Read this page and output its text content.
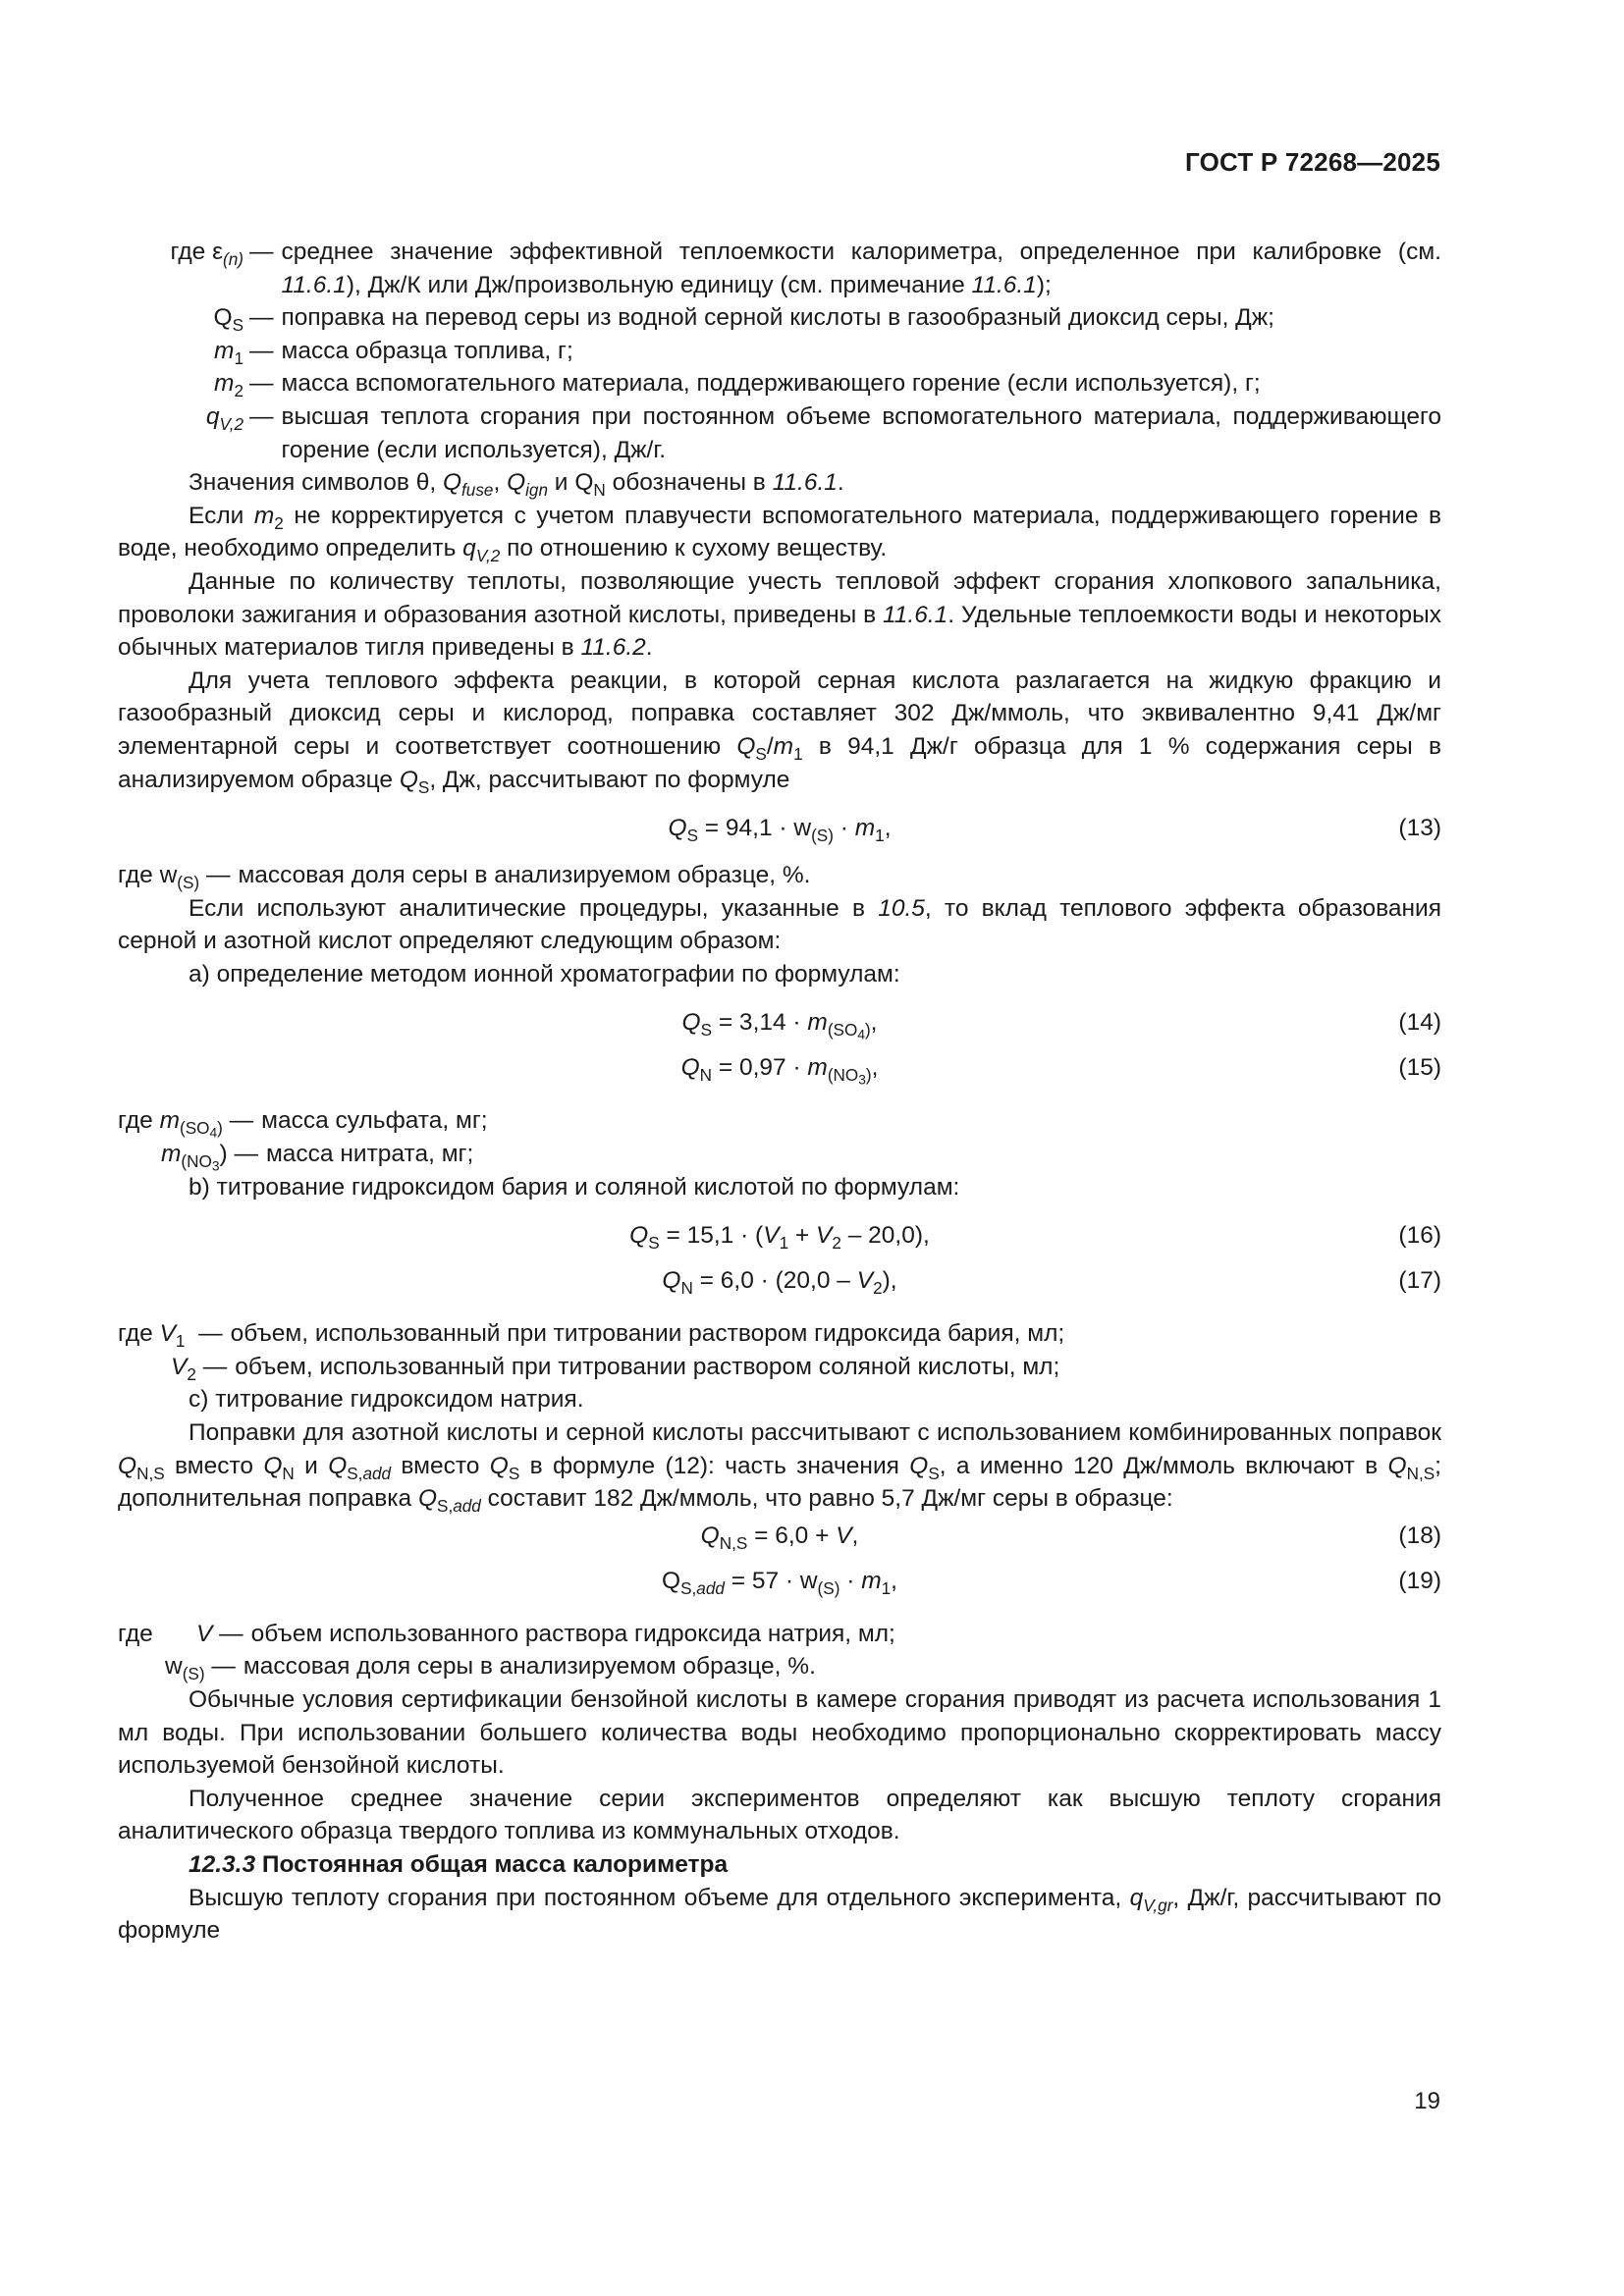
ГОСТ Р 72268—2025
где $\varepsilon_{(n)}$ — среднее значение эффективной теплоемкости калориметра, определенное при калибровке (см. 11.6.1), Дж/К или Дж/произвольную единицу (см. примечание 11.6.1);
$Q_S$ — поправка на перевод серы из водной серной кислоты в газообразный диоксид серы, Дж;
$m_1$ — масса образца топлива, г;
$m_2$ — масса вспомогательного материала, поддерживающего горение (если используется), г;
$q_{V,2}$ — высшая теплота сгорания при постоянном объеме вспомогательного материала, поддерживающего горение (если используется), Дж/г.

Значения символов θ, $Q_{fuse}$, $Q_{ign}$ и $Q_N$ обозначены в 11.6.1.

Если $m_2$ не корректируется с учетом плавучести вспомогательного материала, поддерживающего горение в воде, необходимо определить $q_{V,2}$ по отношению к сухому веществу.

Данные по количеству теплоты, позволяющие учесть тепловой эффект сгорания хлопкового запальника, проволоки зажигания и образования азотной кислоты, приведены в 11.6.1. Удельные теплоемкости воды и некоторых обычных материалов тигля приведены в 11.6.2.

Для учета теплового эффекта реакции, в которой серная кислота разлагается на жидкую фракцию и газообразный диоксид серы и кислород, поправка составляет 302 Дж/ммоль, что эквивалентно 9,41 Дж/мг элементарной серы и соответствует соотношению $Q_S/m_1$ в 94,1 Дж/г образца для 1 % содержания серы в анализируемом образце $Q_S$, Дж, рассчитывают по формуле

$Q_S = 94,1 \cdot w_{(S)} \cdot m_1$,	(13)
где $w_{(S)}$ — массовая доля серы в анализируемом образце, %.

Если используют аналитические процедуры, указанные в 10.5, то вклад теплового эффекта образования серной и азотной кислот определяют следующим образом:

а) определение методом ионной хроматографии по формулам:

$Q_S = 3,14 \cdot m_{(SO_4)}$,	(14)
$Q_N = 0,97 \cdot m_{(NO_3)}$,	(15)
где $m_{(SO_4)}$ — масса сульфата, мг;
$m_{(NO_3}$) — масса нитрата, мг;

b) титрование гидроксидом бария и соляной кислотой по формулам:

$Q_S = 15,1 \cdot (V_1 + V_2 - 20,0)$,	(16)
$Q_N = 6,0 \cdot (20,0 - V_2)$,	(17)
где $V_1$ — объем, использованный при титровании раствором гидроксида бария, мл;
$V_2$ — объем, использованный при титровании раствором соляной кислоты, мл;

с) титрование гидроксидом натрия.

Поправки для азотной кислоты и серной кислоты рассчитывают с использованием комбинированных поправок $Q_{N,S}$ вместо $Q_N$ и $Q_{S,add}$ вместо $Q_S$ в формуле (12): часть значения $Q_S$, а именно 120 Дж/ммоль включают в $Q_{N,S}$; дополнительная поправка $Q_{S,add}$ составит 182 Дж/ммоль, что равно 5,7 Дж/мг серы в образце:

$Q_{N,S} = 6,0 + V$,	(18)
$Q_{S,add} = 57 \cdot w_{(S)} \cdot m_1$,	(19)
где	V — объем использованного раствора гидроксида натрия, мл;
$w_{(S)}$ — массовая доля серы в анализируемом образце, %.

Обычные условия сертификации бензойной кислоты в камере сгорания приводят из расчета использования 1 мл воды. При использовании большего количества воды необходимо пропорционально скорректировать массу используемой бензойной кислоты.

Полученное среднее значение серии экспериментов определяют как высшую теплоту сгорания аналитического образца твердого топлива из коммунальных отходов.

12.3.3 Постоянная общая масса калориметра

Высшую теплоту сгорания при постоянном объеме для отдельного эксперимента, $q_{V,gr}$, Дж/г, рассчитывают по формуле

19
